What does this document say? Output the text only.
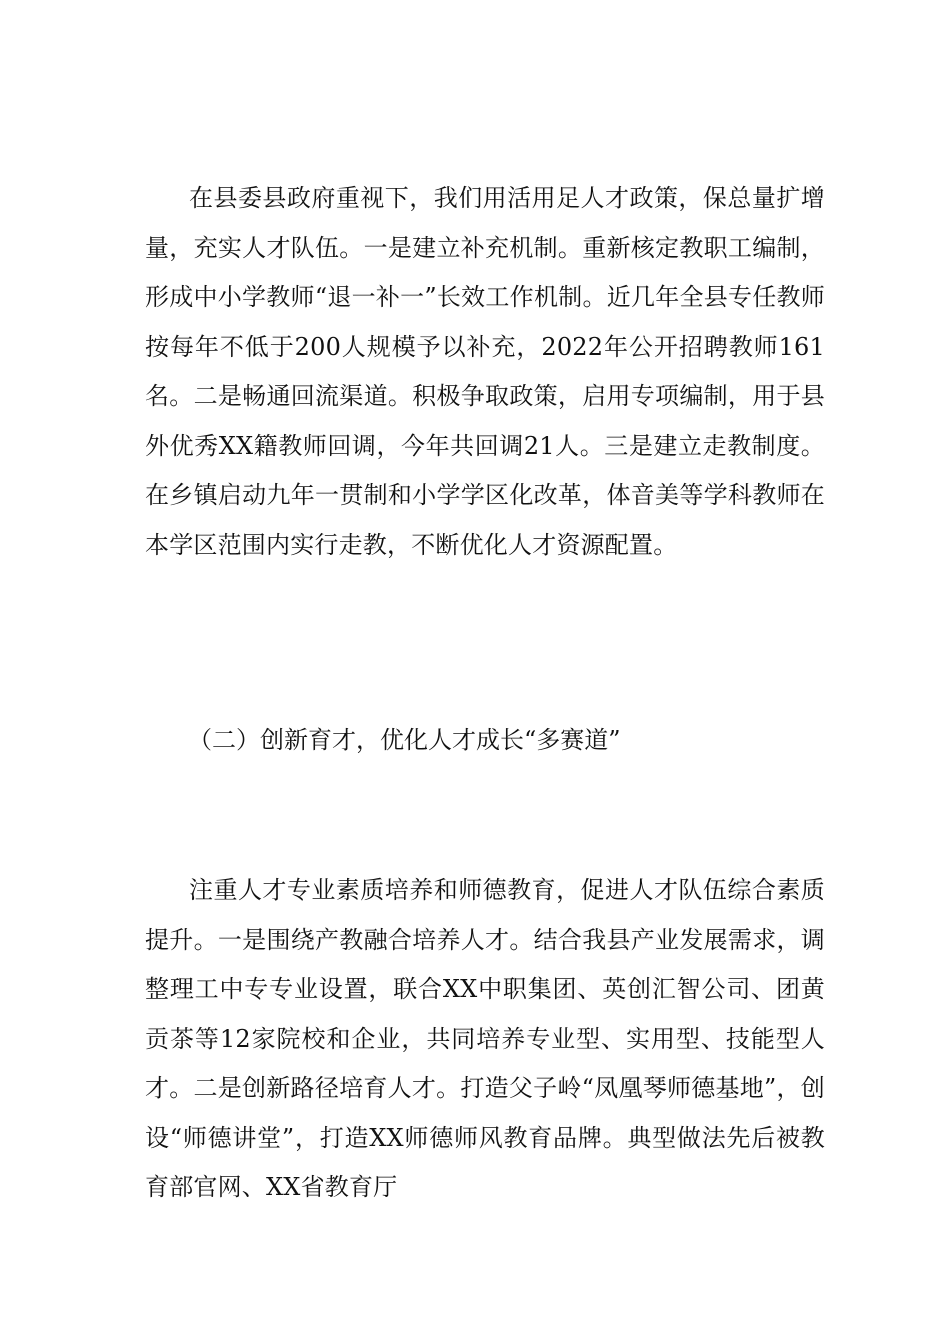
在县委县政府重视下，我们用活用足人才政策，保总量扩增量，充实人才队伍。一是建立补充机制。重新核定教职工编制，形成中小学教师“退一补一”长效工作机制。近几年全县专任教师按每年不低于200人规模予以补充，2022年公开招聘教师161名。二是畅通回流渠道。积极争取政策，启用专项编制，用于县外优秀XX籍教师回调，今年共回调21人。三是建立走教制度。在乡镇启动九年一贯制和小学学区化改革，体音美等学科教师在本学区范围内实行走教，不断优化人才资源配置。

（二）创新育才，优化人才成长“多赛道”

注重人才专业素质培养和师德教育，促进人才队伍综合素质提升。一是围绕产教融合培养人才。结合我县产业发展需求，调整理工中专专业设置，联合XX中职集团、英创汇智公司、团黄贡茶等12家院校和企业，共同培养专业型、实用型、技能型人才。二是创新路径培育人才。打造父子岭“凤凰琴师德基地”，创设“师德讲堂”，打造XX师德师风教育品牌。典型做法先后被教育部官网、XX省教育厅
